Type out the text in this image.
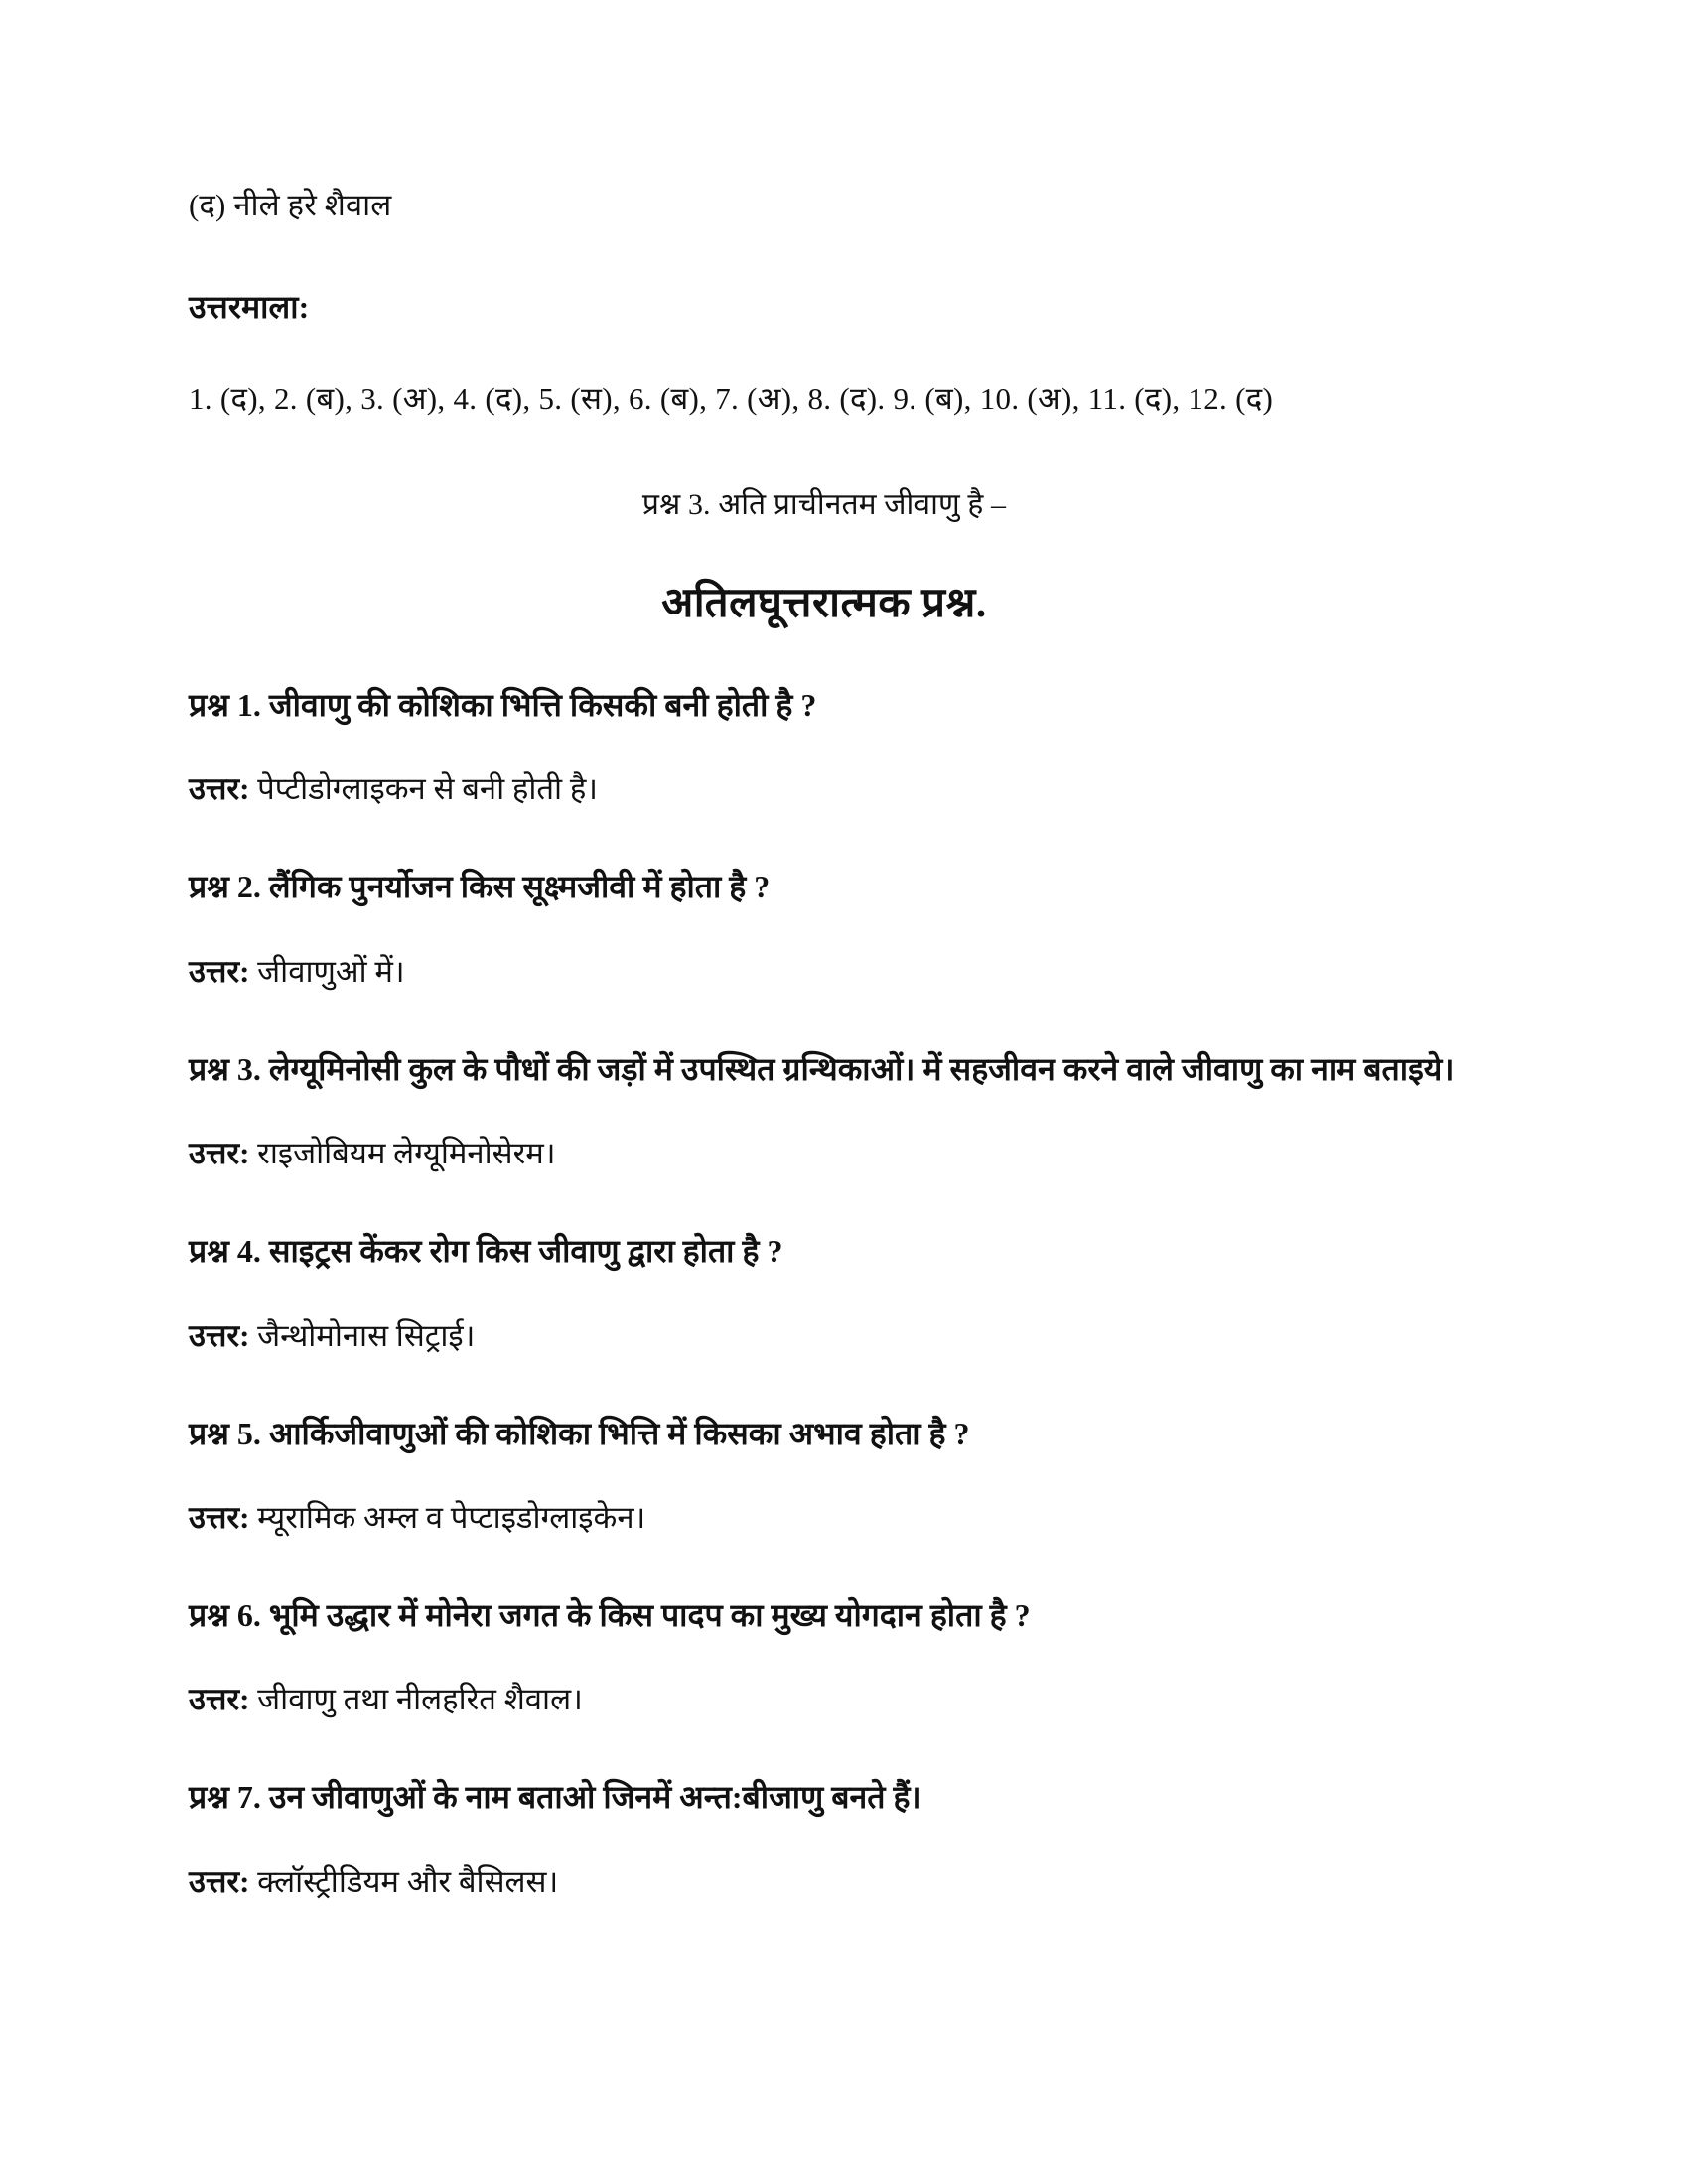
(द) नीले हरे शैवाल

उत्तरमाला:

1. (द), 2. (ब), 3. (अ), 4. (द), 5. (स), 6. (ब), 7. (अ), 8. (द). 9. (ब), 10. (अ), 11. (द), 12. (द)

प्रश्न 3. अति प्राचीनतम जीवाणु है –

अतिलघूत्तरात्मक प्रश्न.

प्रश्न 1. जीवाणु की कोशिका भित्ति किसकी बनी होती है ?

उत्तर: पेप्टीडोग्लाइकन से बनी होती है।

प्रश्न 2. लैंगिक पुनर्योजन किस सूक्ष्मजीवी में होता है ?

उत्तर: जीवाणुओं में।

प्रश्न 3. लेग्यूमिनोसी कुल के पौधों की जड़ों में उपस्थित ग्रन्थिकाओं। में सहजीवन करने वाले जीवाणु का नाम बताइये।

उत्तर: राइजोबियम लेग्यूमिनोसेरम।

प्रश्न 4. साइट्रस केंकर रोग किस जीवाणु द्वारा होता है ?

उत्तर: जैन्थोमोनास सिट्राई।

प्रश्न 5. आर्किजीवाणुओं की कोशिका भित्ति में किसका अभाव होता है ?

उत्तर: म्यूरामिक अम्ल व पेप्टाइडोग्लाइकेन।

प्रश्न 6. भूमि उद्धार में मोनेरा जगत के किस पादप का मुख्य योगदान होता है ?

उत्तर: जीवाणु तथा नीलहरित शैवाल।

प्रश्न 7. उन जीवाणुओं के नाम बताओ जिनमें अन्त:बीजाणु बनते हैं।

उत्तर: क्लॉस्ट्रीडियम और बैसिलस।
